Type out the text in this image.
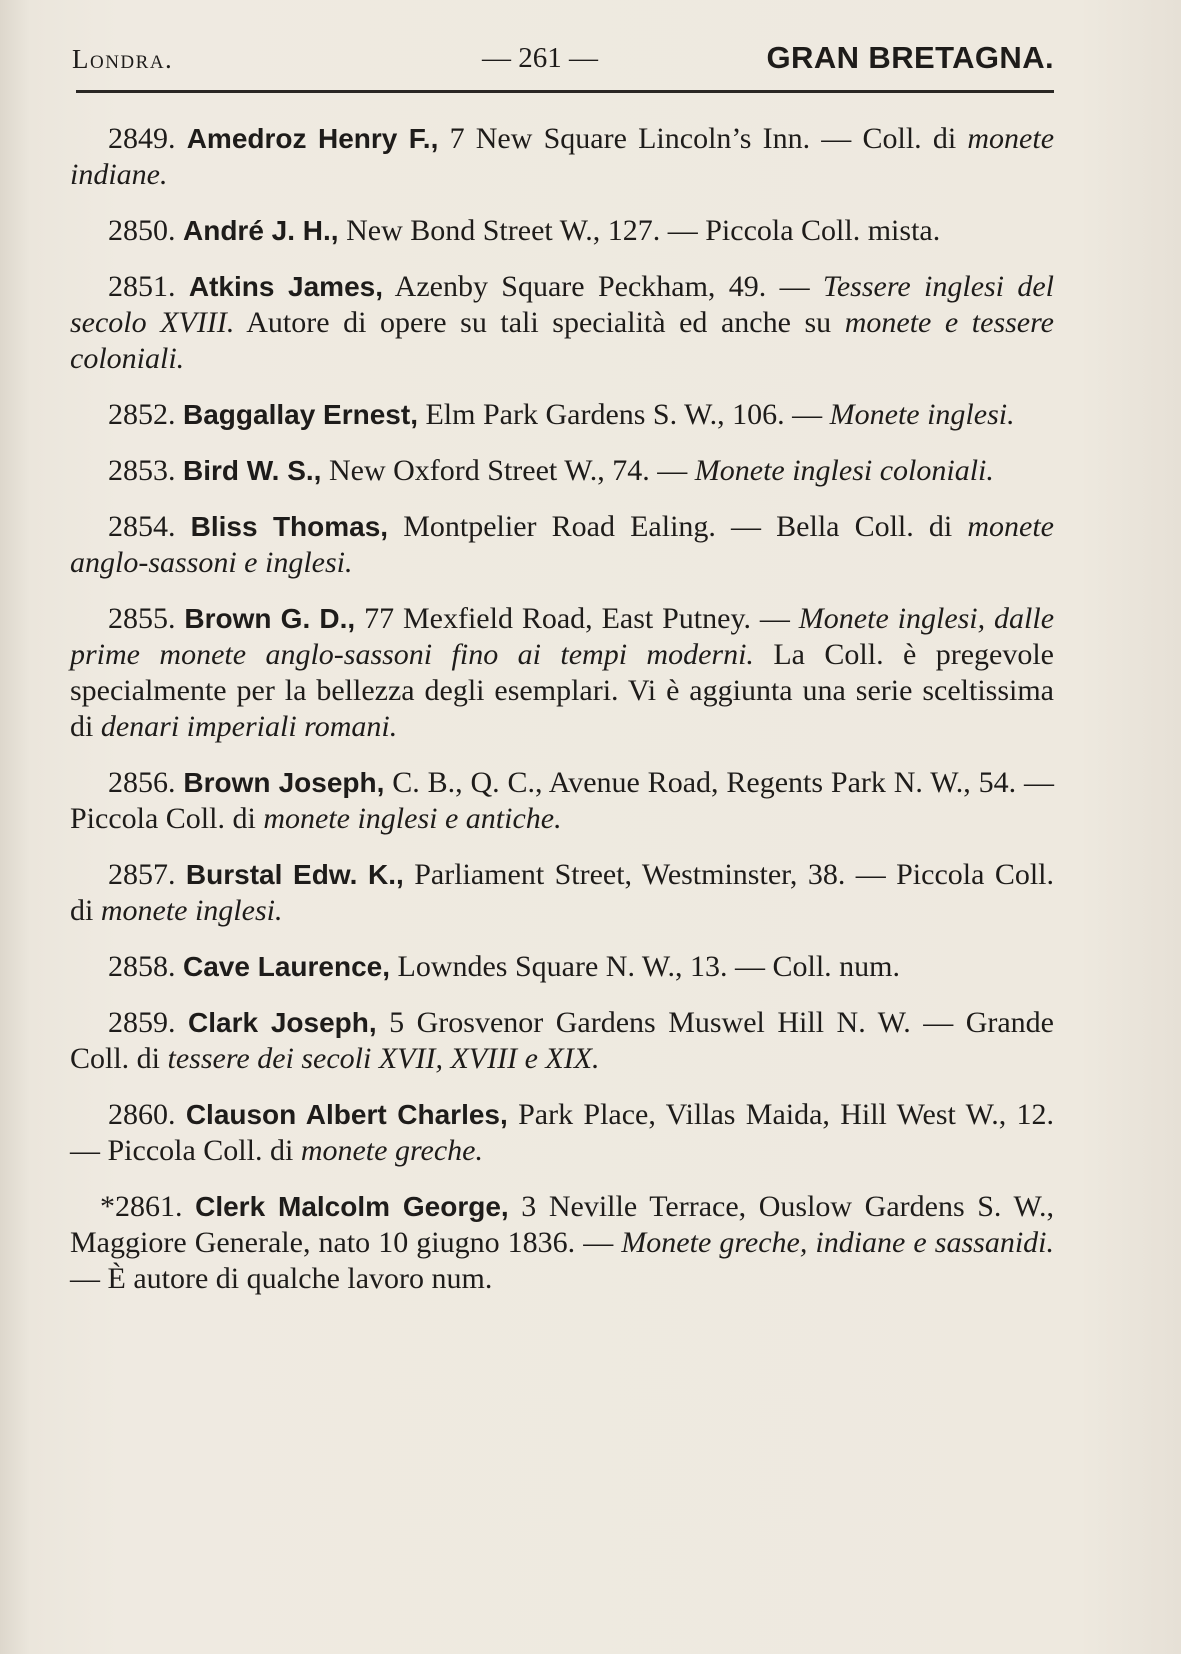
Londra.	— 261 —	GRAN BRETAGNA.

2849. Amedroz Henry F., 7 New Square Lincoln’s Inn. — Coll. di monete indiane.

2850. André J. H., New Bond Street W., 127. — Piccola Coll. mista.

2851. Atkins James, Azenby Square Peckham, 49. — Tessere inglesi del secolo XVIII. Autore di opere su tali specialità ed anche su monete e tessere coloniali.

2852. Baggallay Ernest, Elm Park Gardens S. W., 106. — Monete inglesi.

2853. Bird W. S., New Oxford Street W., 74. — Monete inglesi coloniali.

2854. Bliss Thomas, Montpelier Road Ealing. — Bella Coll. di monete anglo-sassoni e inglesi.

2855. Brown G. D., 77 Mexfield Road, East Putney. — Monete inglesi, dalle prime monete anglo-sassoni fino ai tempi moderni. La Coll. è pregevole specialmente per la bellezza degli esemplari. Vi è aggiunta una serie sceltissima di denari imperiali romani.

2856. Brown Joseph, C. B., Q. C., Avenue Road, Regents Park N. W., 54. — Piccola Coll. di monete inglesi e antiche.

2857. Burstal Edw. K., Parliament Street, Westminster, 38. — Piccola Coll. di monete inglesi.

2858. Cave Laurence, Lowndes Square N. W., 13. — Coll. num.

2859. Clark Joseph, 5 Grosvenor Gardens Muswel Hill N. W. — Grande Coll. di tessere dei secoli XVII, XVIII e XIX.

2860. Clauson Albert Charles, Park Place, Villas Maida, Hill West W., 12. — Piccola Coll. di monete greche.

*2861. Clerk Malcolm George, 3 Neville Terrace, Ouslow Gardens S. W., Maggiore Generale, nato 10 giugno 1836. — Monete greche, indiane e sassanidi. — È autore di qualche lavoro num.
